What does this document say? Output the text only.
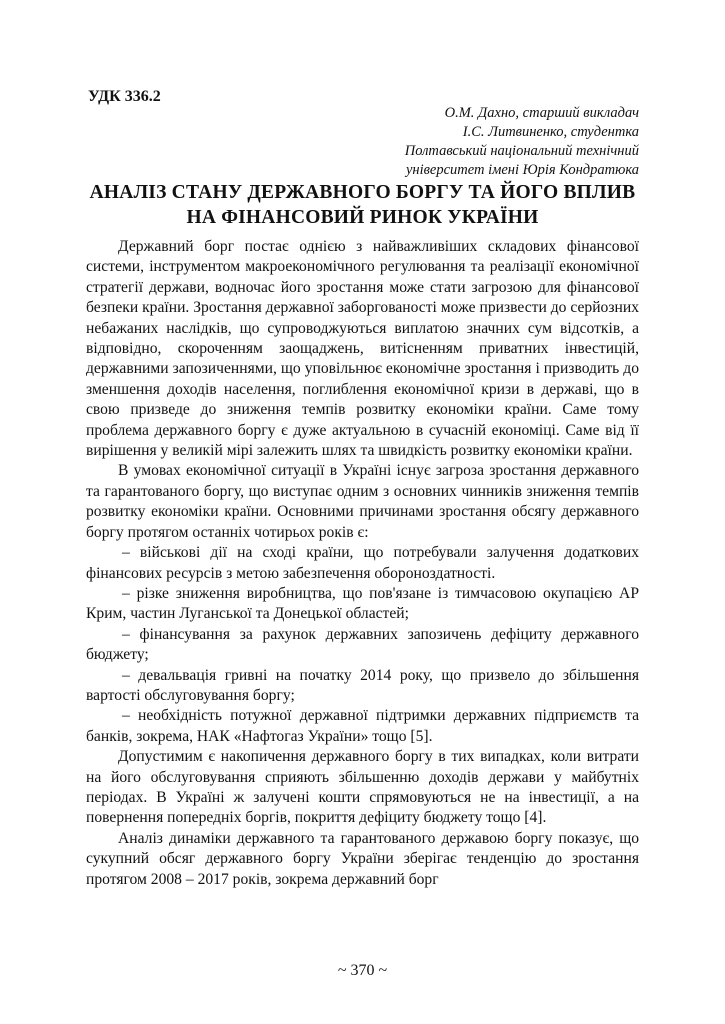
УДК 336.2
О.М. Дахно, старший викладач
І.С. Литвиненко, студентка
Полтавський національний технічний
університет імені Юрія Кондратюка
АНАЛІЗ СТАНУ ДЕРЖАВНОГО БОРГУ ТА ЙОГО ВПЛИВ
НА ФІНАНСОВИЙ РИНОК УКРАЇНИ

Державний борг постає однією з найважливіших складових фінансової системи, інструментом макроекономічного регулювання та реалізації економічної стратегії держави, водночас його зростання може стати загрозою для фінансової безпеки країни. Зростання державної заборгованості може призвести до серйозних небажаних наслідків, що супроводжуються виплатою значних сум відсотків, а відповідно, скороченням заощаджень, витісненням приватних інвестицій, державними запозиченнями, що уповільнює економічне зростання і призводить до зменшення доходів населення, поглиблення економічної кризи в державі, що в свою призведе до зниження темпів розвитку економіки країни. Саме тому проблема державного боргу є дуже актуальною в сучасній економіці. Саме від її вирішення у великій мірі залежить шлях та швидкість розвитку економіки країни.

В умовах економічної ситуації в Україні існує загроза зростання державного та гарантованого боргу, що виступає одним з основних чинників зниження темпів розвитку економіки країни. Основними причинами зростання обсягу державного боргу протягом останніх чотирьох років є:

– військові дії на сході країни, що потребували залучення додаткових фінансових ресурсів з метою забезпечення обороноздатності.

– різке зниження виробництва, що пов'язане із тимчасовою окупацією АР Крим, частин Луганської та Донецької областей;

– фінансування за рахунок державних запозичень дефіциту державного бюджету;

– девальвація гривні на початку 2014 року, що призвело до збільшення вартості обслуговування боргу;

– необхідність потужної державної підтримки державних підприємств та банків, зокрема, НАК «Нафтогаз України» тощо [5].

Допустимим є накопичення державного боргу в тих випадках, коли витрати на його обслуговування сприяють збільшенню доходів держави у майбутніх періодах. В Україні ж залучені кошти спрямовуються не на інвестиції, а на повернення попередніх боргів, покриття дефіциту бюджету тощо [4].

Аналіз динаміки державного та гарантованого державою боргу показує, що сукупний обсяг державного боргу України зберігає тенденцію до зростання протягом 2008 – 2017 років, зокрема державний борг

~ 370 ~
